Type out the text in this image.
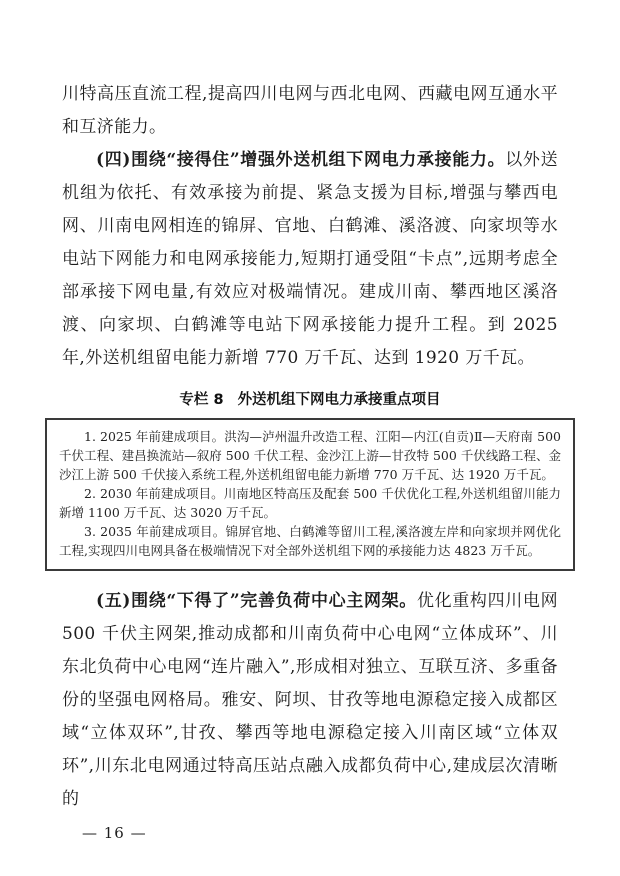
川特高压直流工程,提高四川电网与西北电网、西藏电网互通水平和互济能力。

(四)围绕“接得住”增强外送机组下网电力承接能力。以外送机组为依托、有效承接为前提、紧急支援为目标,增强与攀西电网、川南电网相连的锦屏、官地、白鹤滩、溪洛渡、向家坝等水电站下网能力和电网承接能力,短期打通受阻“卡点”,远期考虑全部承接下网电量,有效应对极端情况。建成川南、攀西地区溪洛渡、向家坝、白鹤滩等电站下网承接能力提升工程。到 2025 年,外送机组留电能力新增 770 万千瓦、达到 1920 万千瓦。

专栏 8 外送机组下网电力承接重点项目

1. 2025 年前建成项目。洪沟—泸州温升改造工程、江阳—内江(自贡)Ⅱ—天府南 500 千伏工程、建昌换流站—叙府 500 千伏工程、金沙江上游—甘孜特 500 千伏线路工程、金沙江上游 500 千伏接入系统工程,外送机组留电能力新增 770 万千瓦、达 1920 万千瓦。

2. 2030 年前建成项目。川南地区特高压及配套 500 千伏优化工程,外送机组留川能力新增 1100 万千瓦、达 3020 万千瓦。

3. 2035 年前建成项目。锦屏官地、白鹤滩等留川工程,溪洛渡左岸和向家坝并网优化工程,实现四川电网具备在极端情况下对全部外送机组下网的承接能力达 4823 万千瓦。

(五)围绕“下得了”完善负荷中心主网架。优化重构四川电网 500 千伏主网架,推动成都和川南负荷中心电网“立体成环”、川东北负荷中心电网“连片融入”,形成相对独立、互联互济、多重备份的坚强电网格局。雅安、阿坝、甘孜等地电源稳定接入成都区域“立体双环”,甘孜、攀西等地电源稳定接入川南区域“立体双环”,川东北电网通过特高压站点融入成都负荷中心,建成层次清晰的

— 16 —
